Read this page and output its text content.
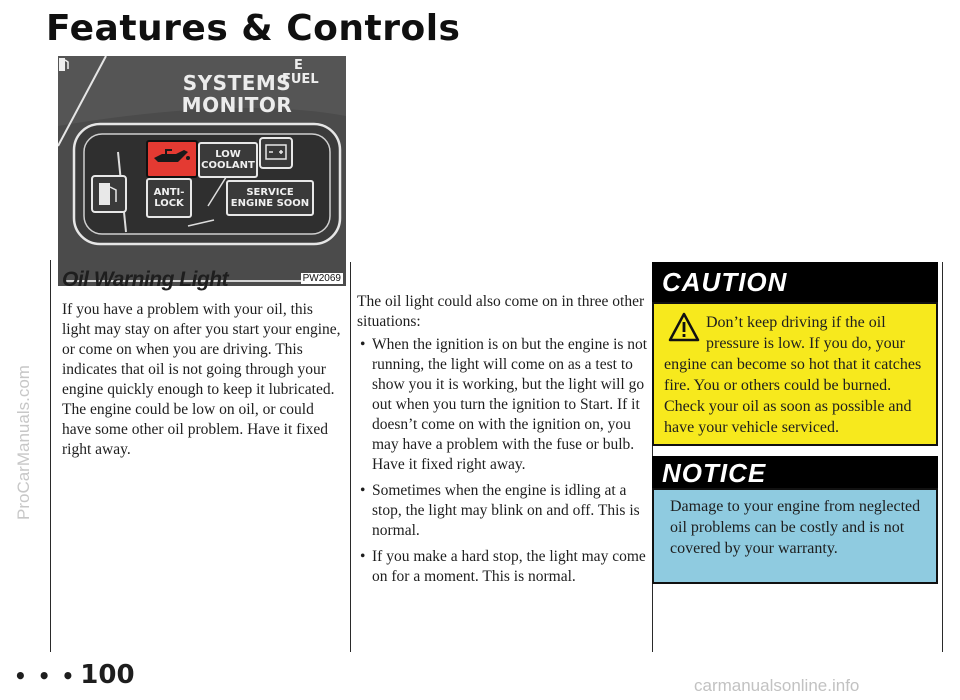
Features & Controls
ProCarManuals.com
SYSTEMS MONITOR
E
FUEL
LOW COOLANT
ANTI- LOCK
SERVICE ENGINE SOON
PW2069
Oil Warning Light

If you have a problem with your oil, this light may stay on after you start your engine, or come on when you are driving. This indicates that oil is not going through your engine quickly enough to keep it lubricated. The engine could be low on oil, or could have some other oil problem. Have it fixed right away.

The oil light could also come on in three other situations:

• When the ignition is on but the engine is not running, the light will come on as a test to show you it is working, but the light will go out when you turn the ignition to Start. If it doesn’t come on with the ignition on, you may have a problem with the fuse or bulb. Have it fixed right away.
• Sometimes when the engine is idling at a stop, the light may blink on and off. This is normal.
• If you make a hard stop, the light may come on for a moment. This is normal.
CAUTION
Don’t keep driving if the oil pressure is low. If you do, your engine can become so hot that it catches fire. You or others could be burned. Check your oil as soon as possible and have your vehicle serviced.
NOTICE
Damage to your engine from neglected oil problems can be costly and is not covered by your warranty.

• • • 100	carmanualsonline.info
